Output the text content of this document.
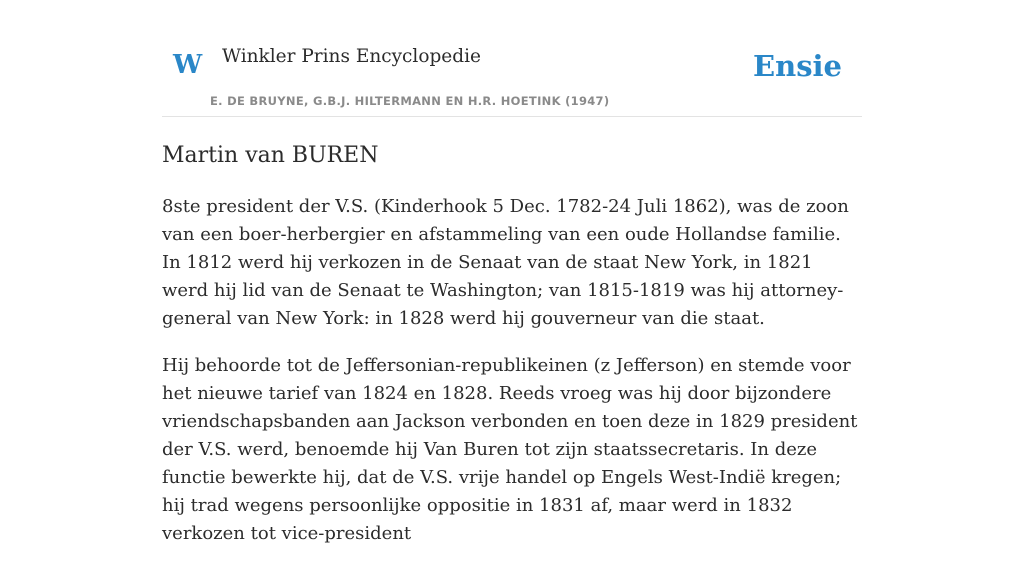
W Winkler Prins Encyclopedie
E. DE BRUYNE, G.B.J. HILTERMANN EN H.R. HOETINK (1947)
Ensie
Martin van BUREN

8ste president der V.S. (Kinderhook 5 Dec. 1782-24 Juli 1862), was de zoon van een boer-herbergier en afstammeling van een oude Hollandse familie. In 1812 werd hij verkozen in de Senaat van de staat New York, in 1821 werd hij lid van de Senaat te Washington; van 1815-1819 was hij attorney-general van New York: in 1828 werd hij gouverneur van die staat.

Hij behoorde tot de Jeffersonian-republikeinen (z Jefferson) en stemde voor het nieuwe tarief van 1824 en 1828. Reeds vroeg was hij door bijzondere vriendschapsbanden aan Jackson verbonden en toen deze in 1829 president der V.S. werd, benoemde hij Van Buren tot zijn staatssecretaris. In deze functie bewerkte hij, dat de V.S. vrije handel op Engels West-Indië kregen; hij trad wegens persoonlijke oppositie in 1831 af, maar werd in 1832 verkozen tot vice-president
